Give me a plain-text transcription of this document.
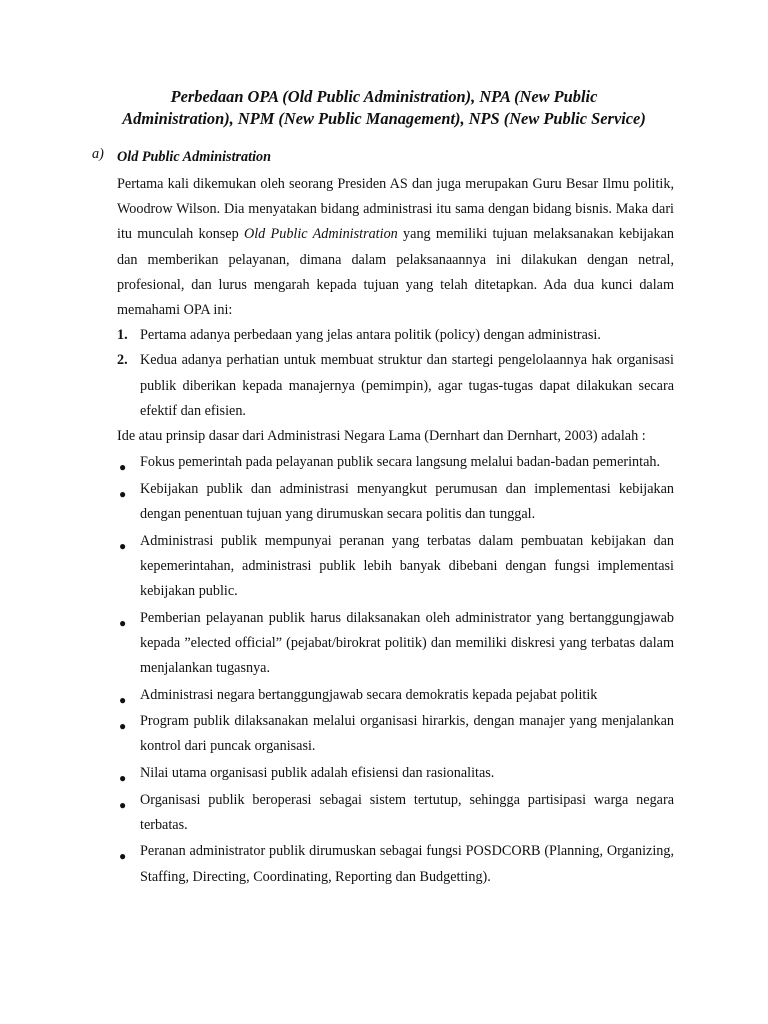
Perbedaan OPA (Old Public Administration), NPA (New Public
Administration), NPM (New Public Management), NPS (New Public Service)
a) Old Public Administration

Pertama kali dikemukan oleh seorang Presiden AS dan juga merupakan Guru Besar Ilmu politik, Woodrow Wilson. Dia menyatakan bidang administrasi itu sama dengan bidang bisnis. Maka dari itu munculah konsep Old Public Administration yang memiliki tujuan melaksanakan kebijakan dan memberikan pelayanan, dimana dalam pelaksanaannya ini dilakukan dengan netral, profesional, dan lurus mengarah kepada tujuan yang telah ditetapkan. Ada dua kunci dalam memahami OPA ini:

1. Pertama adanya perbedaan yang jelas antara politik (policy) dengan administrasi.
2. Kedua adanya perhatian untuk membuat struktur dan startegi pengelolaannya hak organisasi publik diberikan kepada manajernya (pemimpin), agar tugas-tugas dapat dilakukan secara efektif dan efisien.

Ide atau prinsip dasar dari Administrasi Negara Lama (Dernhart dan Dernhart, 2003) adalah :

● Fokus pemerintah pada pelayanan publik secara langsung melalui badan-badan pemerintah.
● Kebijakan publik dan administrasi menyangkut perumusan dan implementasi kebijakan dengan penentuan tujuan yang dirumuskan secara politis dan tunggal.
● Administrasi publik mempunyai peranan yang terbatas dalam pembuatan kebijakan dan kepemerintahan, administrasi publik lebih banyak dibebani dengan fungsi implementasi kebijakan public.
● Pemberian pelayanan publik harus dilaksanakan oleh administrator yang bertanggungjawab kepada ”elected official” (pejabat/birokrat politik) dan memiliki diskresi yang terbatas dalam menjalankan tugasnya.
● Administrasi negara bertanggungjawab secara demokratis kepada pejabat politik
● Program publik dilaksanakan melalui organisasi hirarkis, dengan manajer yang menjalankan kontrol dari puncak organisasi.
● Nilai utama organisasi publik adalah efisiensi dan rasionalitas.
● Organisasi publik beroperasi sebagai sistem tertutup, sehingga partisipasi warga negara terbatas.
● Peranan administrator publik dirumuskan sebagai fungsi POSDCORB (Planning, Organizing, Staffing, Directing, Coordinating, Reporting dan Budgetting).
